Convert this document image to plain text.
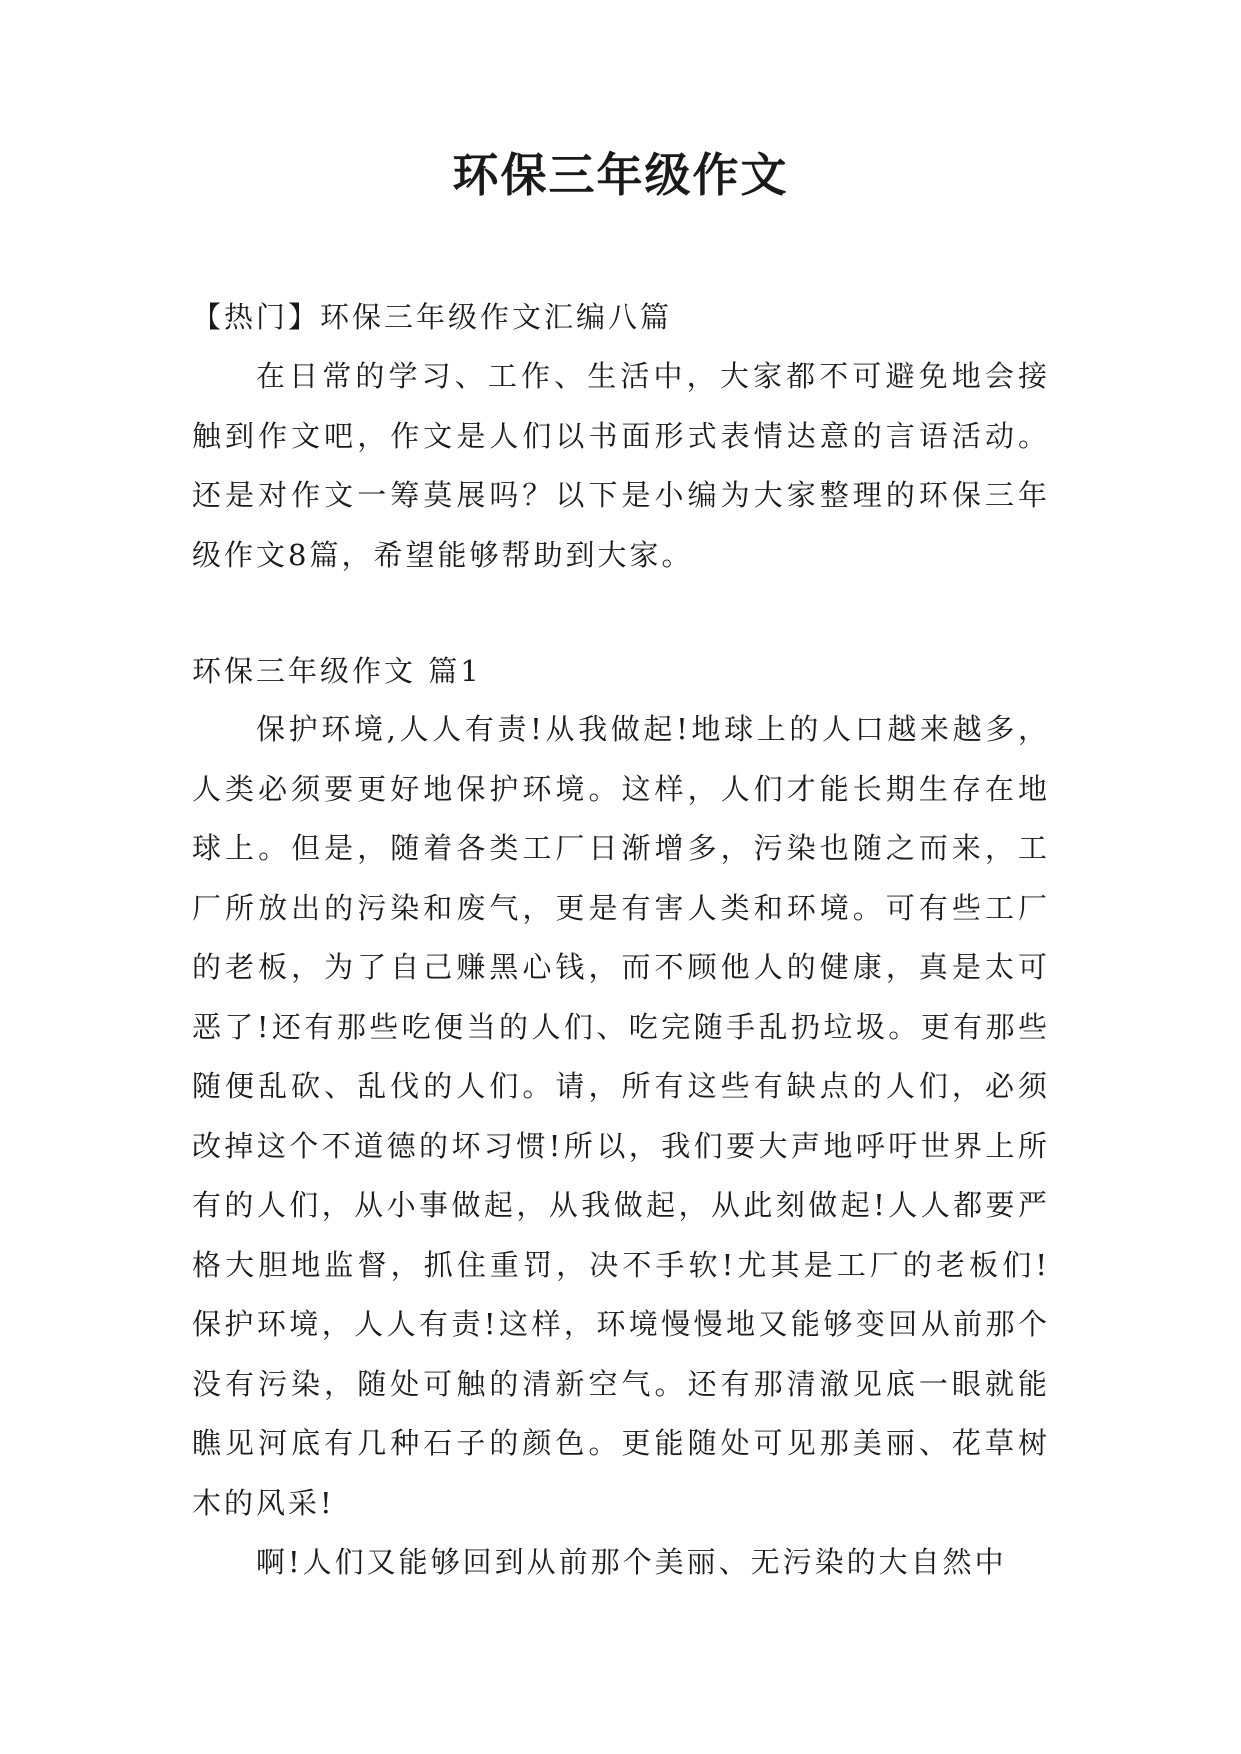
环保三年级作文
【热门】环保三年级作文汇编八篇

在日常的学习、工作、生活中，大家都不可避免地会接触到作文吧，作文是人们以书面形式表情达意的言语活动。还是对作文一筹莫展吗？以下是小编为大家整理的环保三年级作文8篇，希望能够帮助到大家。

环保三年级作文 篇1

保护环境,人人有责!从我做起!地球上的人口越来越多，人类必须要更好地保护环境。这样，人们才能长期生存在地球上。但是，随着各类工厂日渐增多，污染也随之而来，工厂所放出的污染和废气，更是有害人类和环境。可有些工厂的老板，为了自己赚黑心钱，而不顾他人的健康，真是太可恶了!还有那些吃便当的人们、吃完随手乱扔垃圾。更有那些随便乱砍、乱伐的人们。请，所有这些有缺点的人们，必须改掉这个不道德的坏习惯!所以，我们要大声地呼吁世界上所有的人们，从小事做起，从我做起，从此刻做起!人人都要严格大胆地监督，抓住重罚，决不手软!尤其是工厂的老板们!保护环境，人人有责!这样，环境慢慢地又能够变回从前那个没有污染，随处可触的清新空气。还有那清澈见底一眼就能瞧见河底有几种石子的颜色。更能随处可见那美丽、花草树木的风采!

啊!人们又能够回到从前那个美丽、无污染的大自然中
